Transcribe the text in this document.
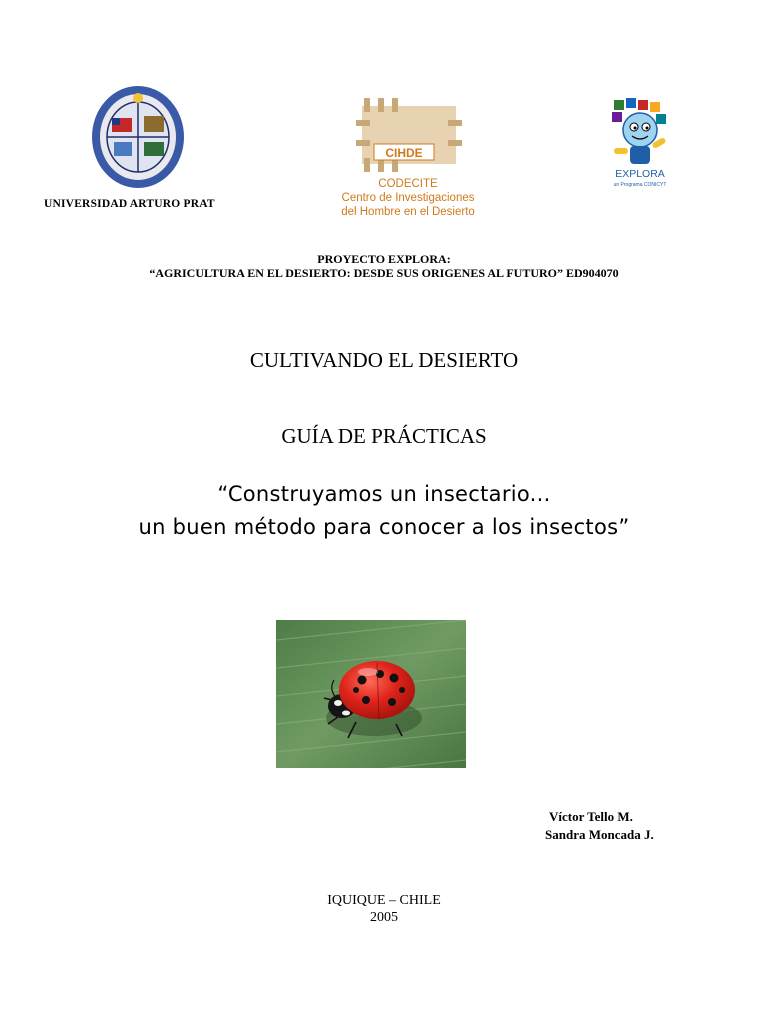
UNIVERSIDAD ARTURO PRAT
CIHDE
CODECITE
Centro de Investigaciones
del Hombre en el Desierto
EXPLORA
un Programa CONICYT
PROYECTO EXPLORA:
“AGRICULTURA EN EL DESIERTO: DESDE SUS ORIGENES AL FUTURO” ED904070
CULTIVANDO EL DESIERTO
GUÍA DE PRÁCTICAS
“Construyamos un insectario...
un buen método para conocer a los insectos”
Víctor Tello M.
Sandra Moncada J.
IQUIQUE – CHILE
2005
